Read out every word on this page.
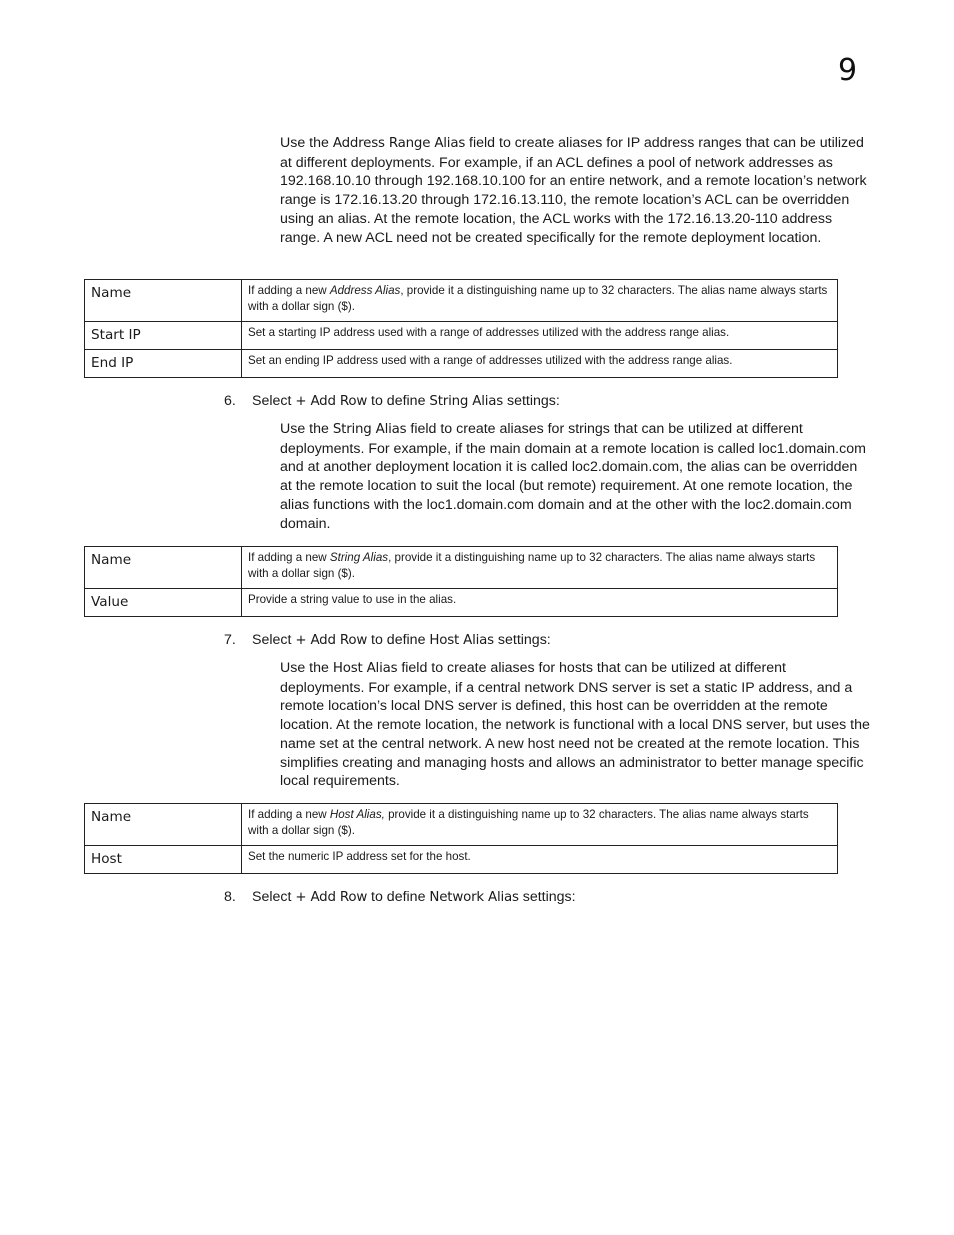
9

Use the Address Range Alias field to create aliases for IP address ranges that can be utilized at different deployments. For example, if an ACL defines a pool of network addresses as 192.168.10.10 through 192.168.10.100 for an entire network, and a remote location’s network range is 172.16.13.20 through 172.16.13.110, the remote location’s ACL can be overridden using an alias. At the remote location, the ACL works with the 172.16.13.20-110 address range. A new ACL need not be created specifically for the remote deployment location.

Name	If adding a new Address Alias, provide it a distinguishing name up to 32 characters. The alias name always starts with a dollar sign ($).
Start IP	Set a starting IP address used with a range of addresses utilized with the address range alias.
End IP	Set an ending IP address used with a range of addresses utilized with the address range alias.
6. Select + Add Row to define String Alias settings:

Use the String Alias field to create aliases for strings that can be utilized at different deployments. For example, if the main domain at a remote location is called loc1.domain.com and at another deployment location it is called loc2.domain.com, the alias can be overridden at the remote location to suit the local (but remote) requirement. At one remote location, the alias functions with the loc1.domain.com domain and at the other with the loc2.domain.com domain.

Name	If adding a new String Alias, provide it a distinguishing name up to 32 characters. The alias name always starts with a dollar sign ($).
Value	Provide a string value to use in the alias.
7. Select + Add Row to define Host Alias settings:

Use the Host Alias field to create aliases for hosts that can be utilized at different deployments. For example, if a central network DNS server is set a static IP address, and a remote location’s local DNS server is defined, this host can be overridden at the remote location. At the remote location, the network is functional with a local DNS server, but uses the name set at the central network. A new host need not be created at the remote location. This simplifies creating and managing hosts and allows an administrator to better manage specific local requirements.

Name	If adding a new Host Alias, provide it a distinguishing name up to 32 characters. The alias name always starts with a dollar sign ($).
Host	Set the numeric IP address set for the host.
8. Select + Add Row to define Network Alias settings:
